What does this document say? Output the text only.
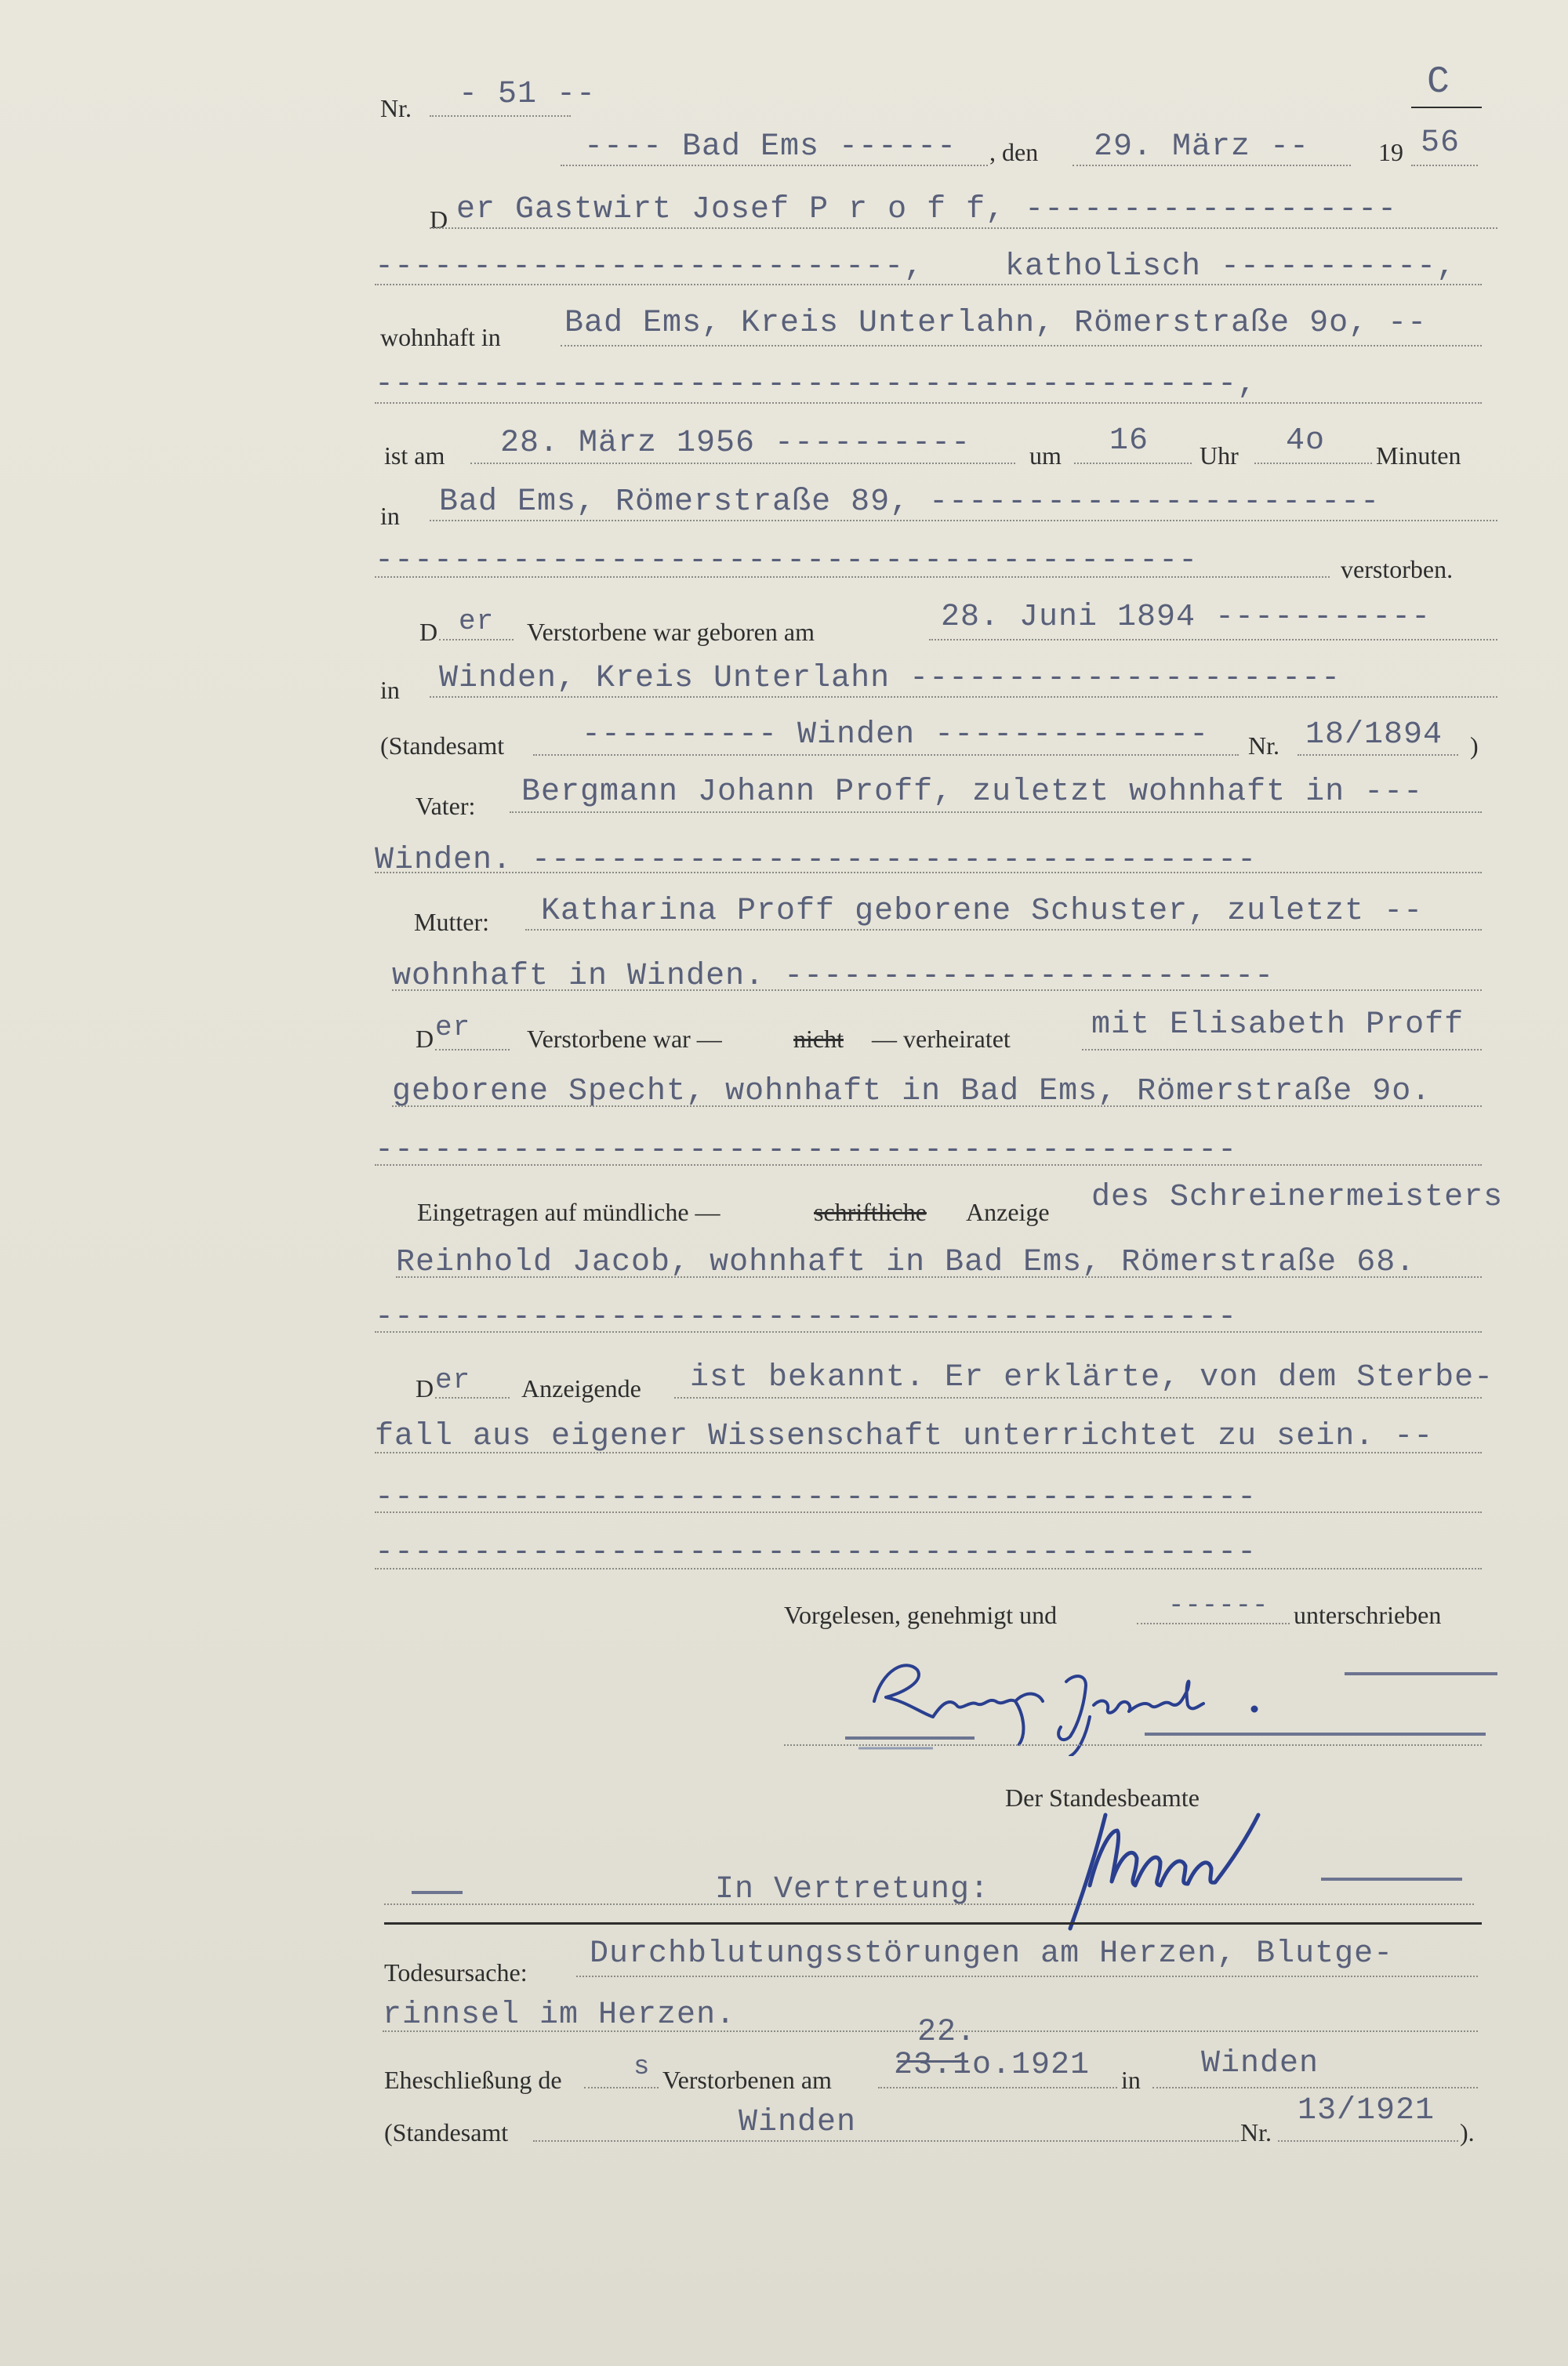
Nr. - 51 --	C
---- Bad Ems ------ , den 29. März --	19 56
D er Gastwirt Josef P r o f f, -------------------
---------------------------,	katholisch -----------,
wohnhaft in Bad Ems, Kreis Unterlahn, Römerstraße 9o, --
--------------------------------------------,
ist am 28. März 1956 ---------- um 16 Uhr 4o Minuten
in Bad Ems, Römerstraße 89, -----------------------
------------------------------------------	verstorben.
D er Verstorbene war geboren am	28. Juni 1894 -----------
in Winden, Kreis Unterlahn ----------------------
(Standesamt ---------- Winden -------------- Nr. 18/1894 )
Vater: Bergmann Johann Proff, zuletzt wohnhaft in ---
Winden. -------------------------------------
Mutter: Katharina Proff geborene Schuster, zuletzt --
wohnhaft in Winden. -------------------------
D er Verstorbene war —	nicht — verheiratet	mit Elisabeth Proff
geborene Specht, wohnhaft in Bad Ems, Römerstraße 9o.
--------------------------------------------
Eingetragen auf mündliche —	schriftliche Anzeige des Schreinermeisters
Reinhold Jacob, wohnhaft in Bad Ems, Römerstraße 68.
--------------------------------------------
D er Anzeigende ist bekannt. Er erklärte, von dem Sterbe-
fall aus eigener Wissenschaft unterrichtet zu sein. --
---------------------------------------------
---------------------------------------------
Vorgelesen, genehmigt und	------ unterschrieben
Der Standesbeamte
In Vertretung:
Todesursache:
Durchblutungsstörungen am Herzen, Blutge-
rinnsel im Herzen.
Eheschließung de	s Verstorbenen am
22.
23.1o.1921 in Winden
(Standesamt	Winden	Nr.
13/1921
).
